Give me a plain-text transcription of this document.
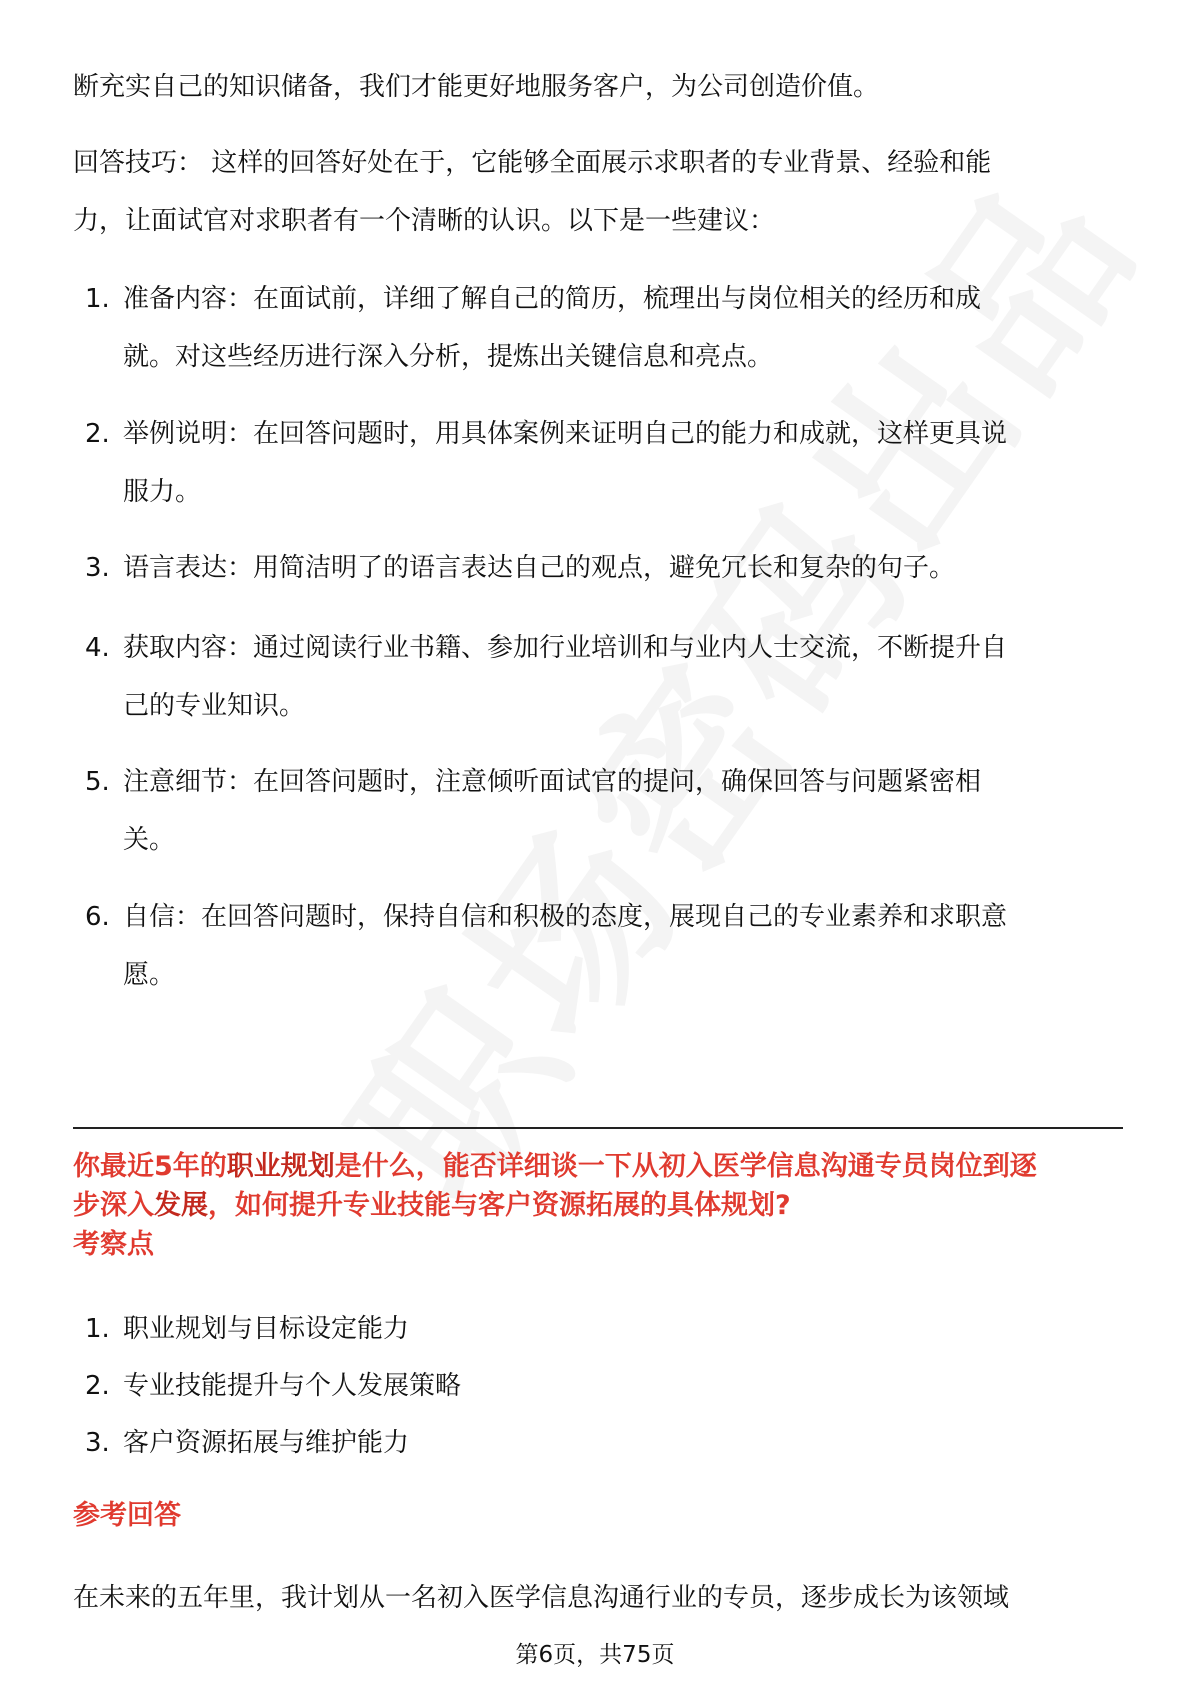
断充实自己的知识储备，我们才能更好地服务客户，为公司创造价值。

回答技巧： 这样的回答好处在于，它能够全面展示求职者的专业背景、经验和能
力，让面试官对求职者有一个清晰的认识。以下是一些建议：
1. 准备内容：在面试前，详细了解自己的简历，梳理出与岗位相关的经历和成
就。对这些经历进行深入分析，提炼出关键信息和亮点。
2. 举例说明：在回答问题时，用具体案例来证明自己的能力和成就，这样更具说
服力。
3. 语言表达：用简洁明了的语言表达自己的观点，避免冗长和复杂的句子。
4. 获取内容：通过阅读行业书籍、参加行业培训和与业内人士交流，不断提升自
己的专业知识。
5. 注意细节：在回答问题时，注意倾听面试官的提问，确保回答与问题紧密相
关。
6. 自信：在回答问题时，保持自信和积极的态度，展现自己的专业素养和求职意
愿。

你最近5年的职业规划是什么，能否详细谈一下从初入医学信息沟通专员岗位到逐
步深入发展，如何提升专业技能与客户资源拓展的具体规划?

考察点
1. 职业规划与目标设定能力
2. 专业技能提升与个人发展策略
3. 客户资源拓展与维护能力
参考回答

在未来的五年里，我计划从一名初入医学信息沟通行业的专员，逐步成长为该领域

第6页，共75页
